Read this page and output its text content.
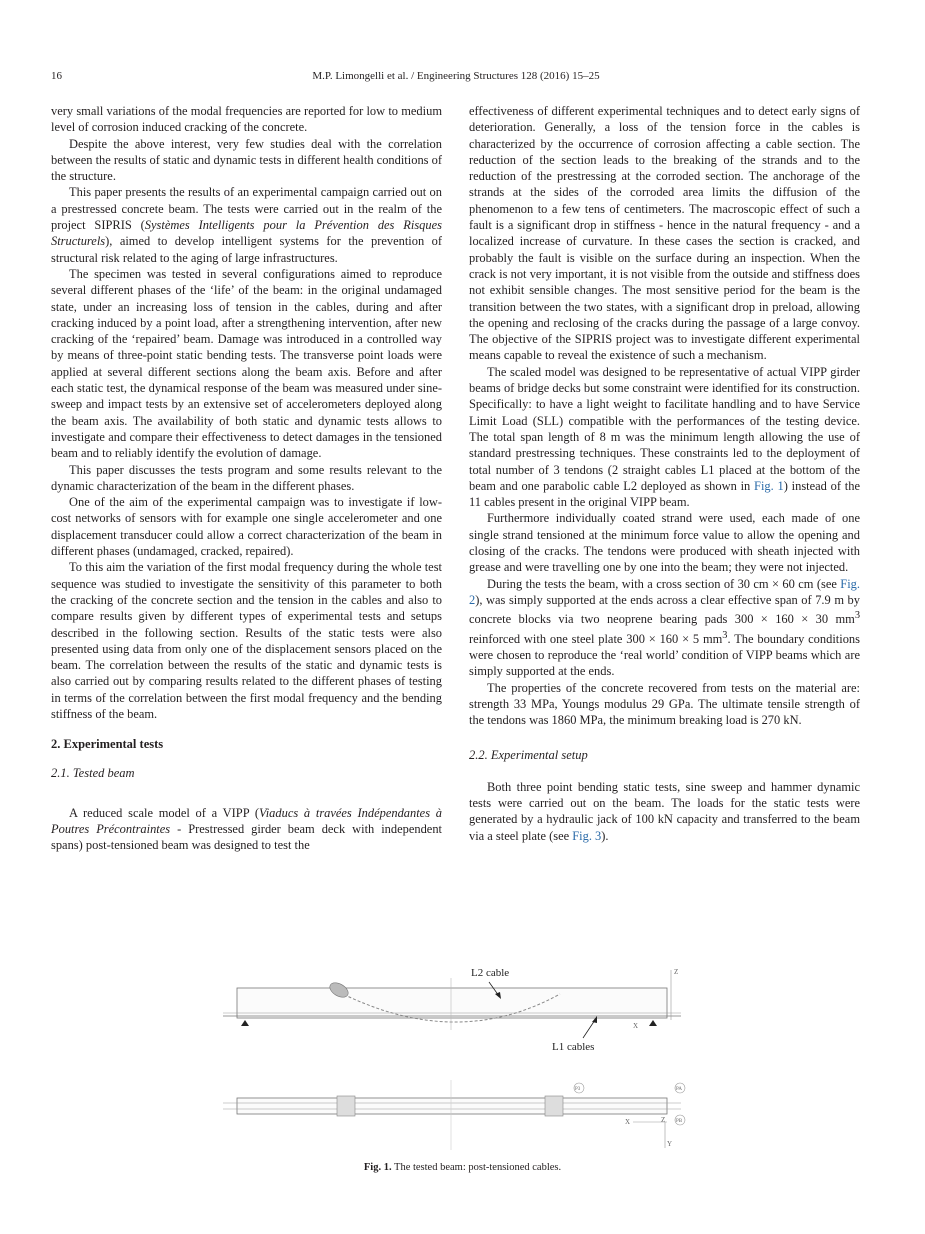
16	M.P. Limongelli et al. / Engineering Structures 128 (2016) 15–25

very small variations of the modal frequencies are reported for low to medium level of corrosion induced cracking of the concrete.

Despite the above interest, very few studies deal with the correlation between the results of static and dynamic tests in different health conditions of the structure.

This paper presents the results of an experimental campaign carried out on a prestressed concrete beam. The tests were carried out in the realm of the project SIPRIS (Systèmes Intelligents pour la Prévention des Risques Structurels), aimed to develop intelligent systems for the prevention of structural risk related to the aging of large infrastructures.

The specimen was tested in several configurations aimed to reproduce several different phases of the ‘life’ of the beam: in the original undamaged state, under an increasing loss of tension in the cables, during and after cracking induced by a point load, after a strengthening intervention, after new cracking of the ‘repaired’ beam. Damage was introduced in a controlled way by means of three-point static bending tests. The transverse point loads were applied at several different sections along the beam axis. Before and after each static test, the dynamical response of the beam was measured under sine-sweep and impact tests by an extensive set of accelerometers deployed along the beam axis. The availability of both static and dynamic tests allows to investigate and compare their effectiveness to detect damages in the tensioned beam and to reliably identify the evolution of damage.

This paper discusses the tests program and some results relevant to the dynamic characterization of the beam in the different phases.

One of the aim of the experimental campaign was to investigate if low-cost networks of sensors with for example one single accelerometer and one displacement transducer could allow a correct characterization of the beam in different phases (undamaged, cracked, repaired).

To this aim the variation of the first modal frequency during the whole test sequence was studied to investigate the sensitivity of this parameter to both the cracking of the concrete section and the tension in the cables and also to compare results given by different types of experimental tests and setups described in the following section. Results of the static tests were also presented using data from only one of the displacement sensors placed on the beam. The correlation between the results of the static and dynamic tests is also carried out by comparing results related to the different phases of testing in terms of the correlation between the first modal frequency and the bending stiffness of the beam.

2. Experimental tests
2.1. Tested beam

A reduced scale model of a VIPP (Viaducs à travées Indépendantes à Poutres Précontraintes - Prestressed girder beam deck with independent spans) post-tensioned beam was designed to test the

effectiveness of different experimental techniques and to detect early signs of deterioration. Generally, a loss of the tension force in the cables is characterized by the occurrence of corrosion affecting a cable section. The reduction of the section leads to the breaking of the strands and to the reduction of the prestressing at the corroded section. The anchorage of the strands at the sides of the corroded area limits the diffusion of the phenomenon to a few tens of centimeters. The macroscopic effect of such a fault is a significant drop in stiffness - hence in the natural frequency - and a localized increase of curvature. In these cases the section is cracked, and probably the fault is visible on the surface during an inspection. When the crack is not very important, it is not visible from the outside and stiffness does not exhibit sensible changes. The most sensitive period for the beam is the transition between the two states, with a significant drop in preload, allowing the opening and reclosing of the cracks during the passage of a large convoy. The objective of the SIPRIS project was to investigate different experimental means capable to reveal the existence of such a mechanism.

The scaled model was designed to be representative of actual VIPP girder beams of bridge decks but some constraint were identified for its construction. Specifically: to have a light weight to facilitate handling and to have Service Limit Load (SLL) compatible with the performances of the testing device. The total span length of 8 m was the minimum length allowing the use of standard prestressing techniques. These constraints led to the deployment of total number of 3 tendons (2 straight cables L1 placed at the bottom of the beam and one parabolic cable L2 deployed as shown in Fig. 1) instead of the 11 cables present in the original VIPP beam.

Furthermore individually coated strand were used, each made of one single strand tensioned at the minimum force value to allow the opening and closing of the cracks. The tendons were produced with sheath injected with grease and were travelling one by one into the beam; they were not injected.

During the tests the beam, with a cross section of 30 cm × 60 cm (see Fig. 2), was simply supported at the ends across a clear effective span of 7.9 m by concrete blocks via two neoprene bearing pads 300 × 160 × 30 $mm^3$ reinforced with one steel plate 300 × 160 × 5 $mm^3$. The boundary conditions were chosen to reproduce the ‘real world’ condition of VIPP beams which are simply supported at the ends.

The properties of the concrete recovered from tests on the material are: strength 33 MPa, Youngs modulus 29 GPa. The ultimate tensile strength of the tendons was 1860 MPa, the minimum breaking load is 270 kN.

2.2. Experimental setup

Both three point bending static tests, sine sweep and hammer dynamic tests were carried out on the beam. The loads for the static tests were generated by a hydraulic jack of 100 kN capacity and transferred to the beam via a steel plate (see Fig. 3).

Z
X
L2 cable
L1 cables
P3	PA
PB
X	Z
Y
Fig. 1. The tested beam: post-tensioned cables.
